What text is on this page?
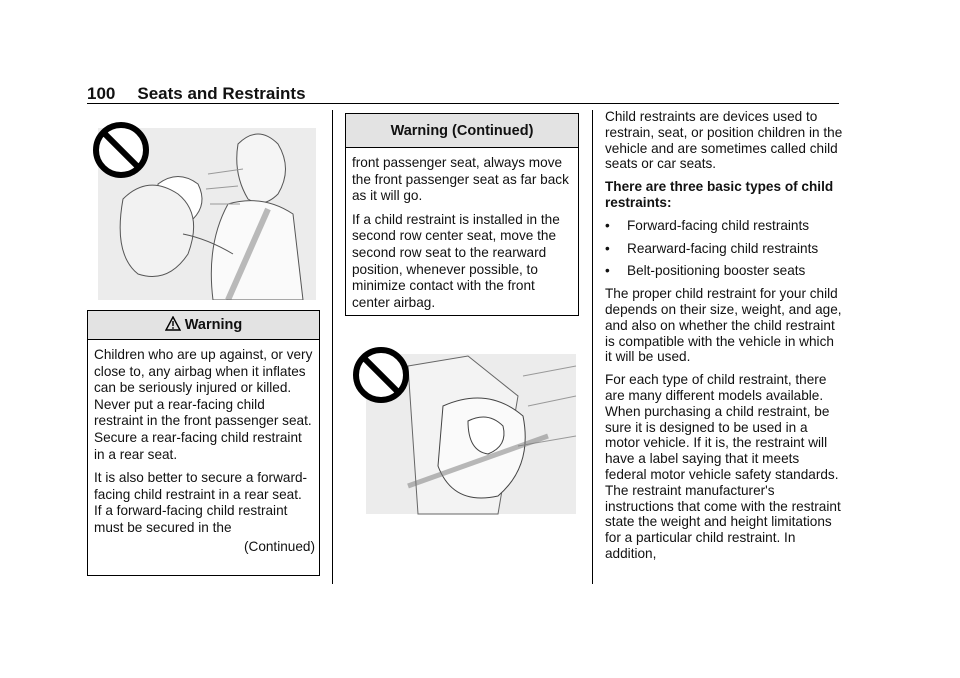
100 Seats and Restraints
Warning

Children who are up against, or very close to, any airbag when it inflates can be seriously injured or killed. Never put a rear-facing child restraint in the front passenger seat. Secure a rear-facing child restraint in a rear seat.

It is also better to secure a forward-facing child restraint in a rear seat. If a forward-facing child restraint must be secured in the

(Continued)
Warning (Continued)

front passenger seat, always move the front passenger seat as far back as it will go.

If a child restraint is installed in the second row center seat, move the second row seat to the rearward position, whenever possible, to minimize contact with the front center airbag.

Child restraints are devices used to restrain, seat, or position children in the vehicle and are sometimes called child seats or car seats.

There are three basic types of child restraints:

•	Forward-facing child restraints
•	Rearward-facing child restraints
•	Belt-positioning booster seats

The proper child restraint for your child depends on their size, weight, and age, and also on whether the child restraint is compatible with the vehicle in which it will be used.

For each type of child restraint, there are many different models available. When purchasing a child restraint, be sure it is designed to be used in a motor vehicle. If it is, the restraint will have a label saying that it meets federal motor vehicle safety standards. The restraint manufacturer's instructions that come with the restraint state the weight and height limitations for a particular child restraint. In addition,
